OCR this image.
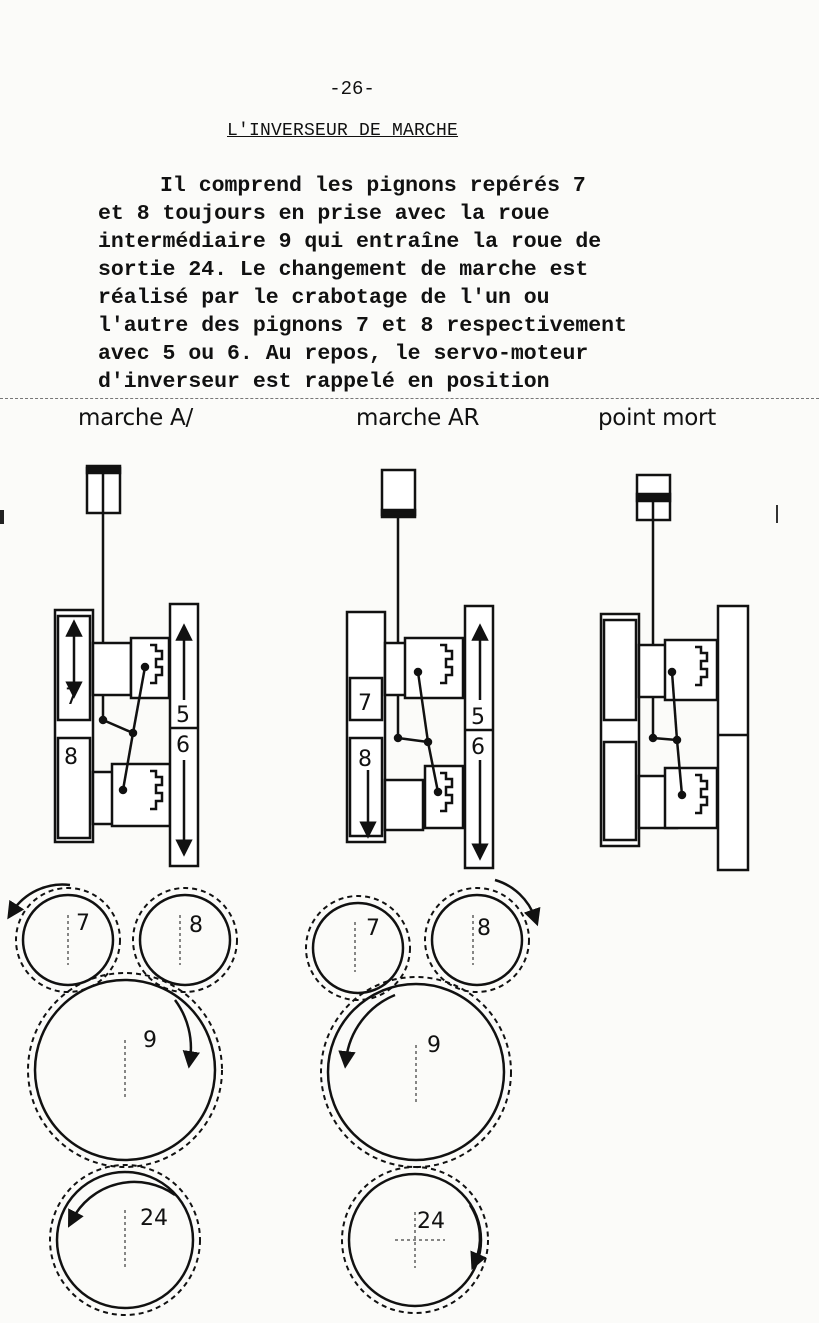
-26-
L'INVERSEUR DE MARCHE
Il comprend les pignons repérés 7
et 8 toujours en prise avec la roue
intermédiaire 9 qui entraîne la roue de
sortie 24. Le changement de marche est
réalisé par le crabotage de l'un ou
l'autre des pignons 7 et 8 respectivement
avec 5 ou 6. Au repos, le servo-moteur
d'inverseur est rappelé en position
marche A/	marche AR	point mort
7
8
5
6
7	8
9
24
7
8
5
6
7	8
9
24
